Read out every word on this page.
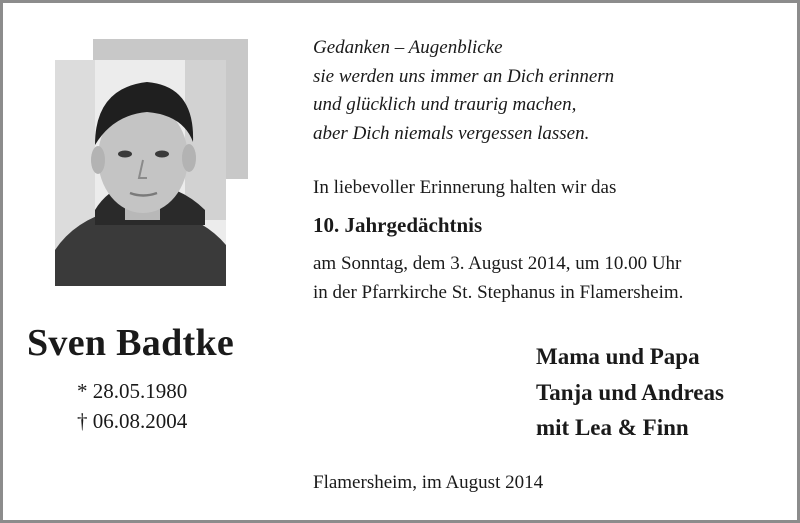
Sven Badtke
* 28.05.1980
† 06.08.2004
Gedanken – Augenblicke
sie werden uns immer an Dich erinnern
und glücklich und traurig machen,
aber Dich niemals vergessen lassen.
In liebevoller Erinnerung halten wir das
10. Jahrgedächtnis
am Sonntag, dem 3. August 2014, um 10.00 Uhr
in der Pfarrkirche St. Stephanus in Flamersheim.
Mama und Papa
Tanja und Andreas
mit Lea & Finn
Flamersheim, im August 2014
